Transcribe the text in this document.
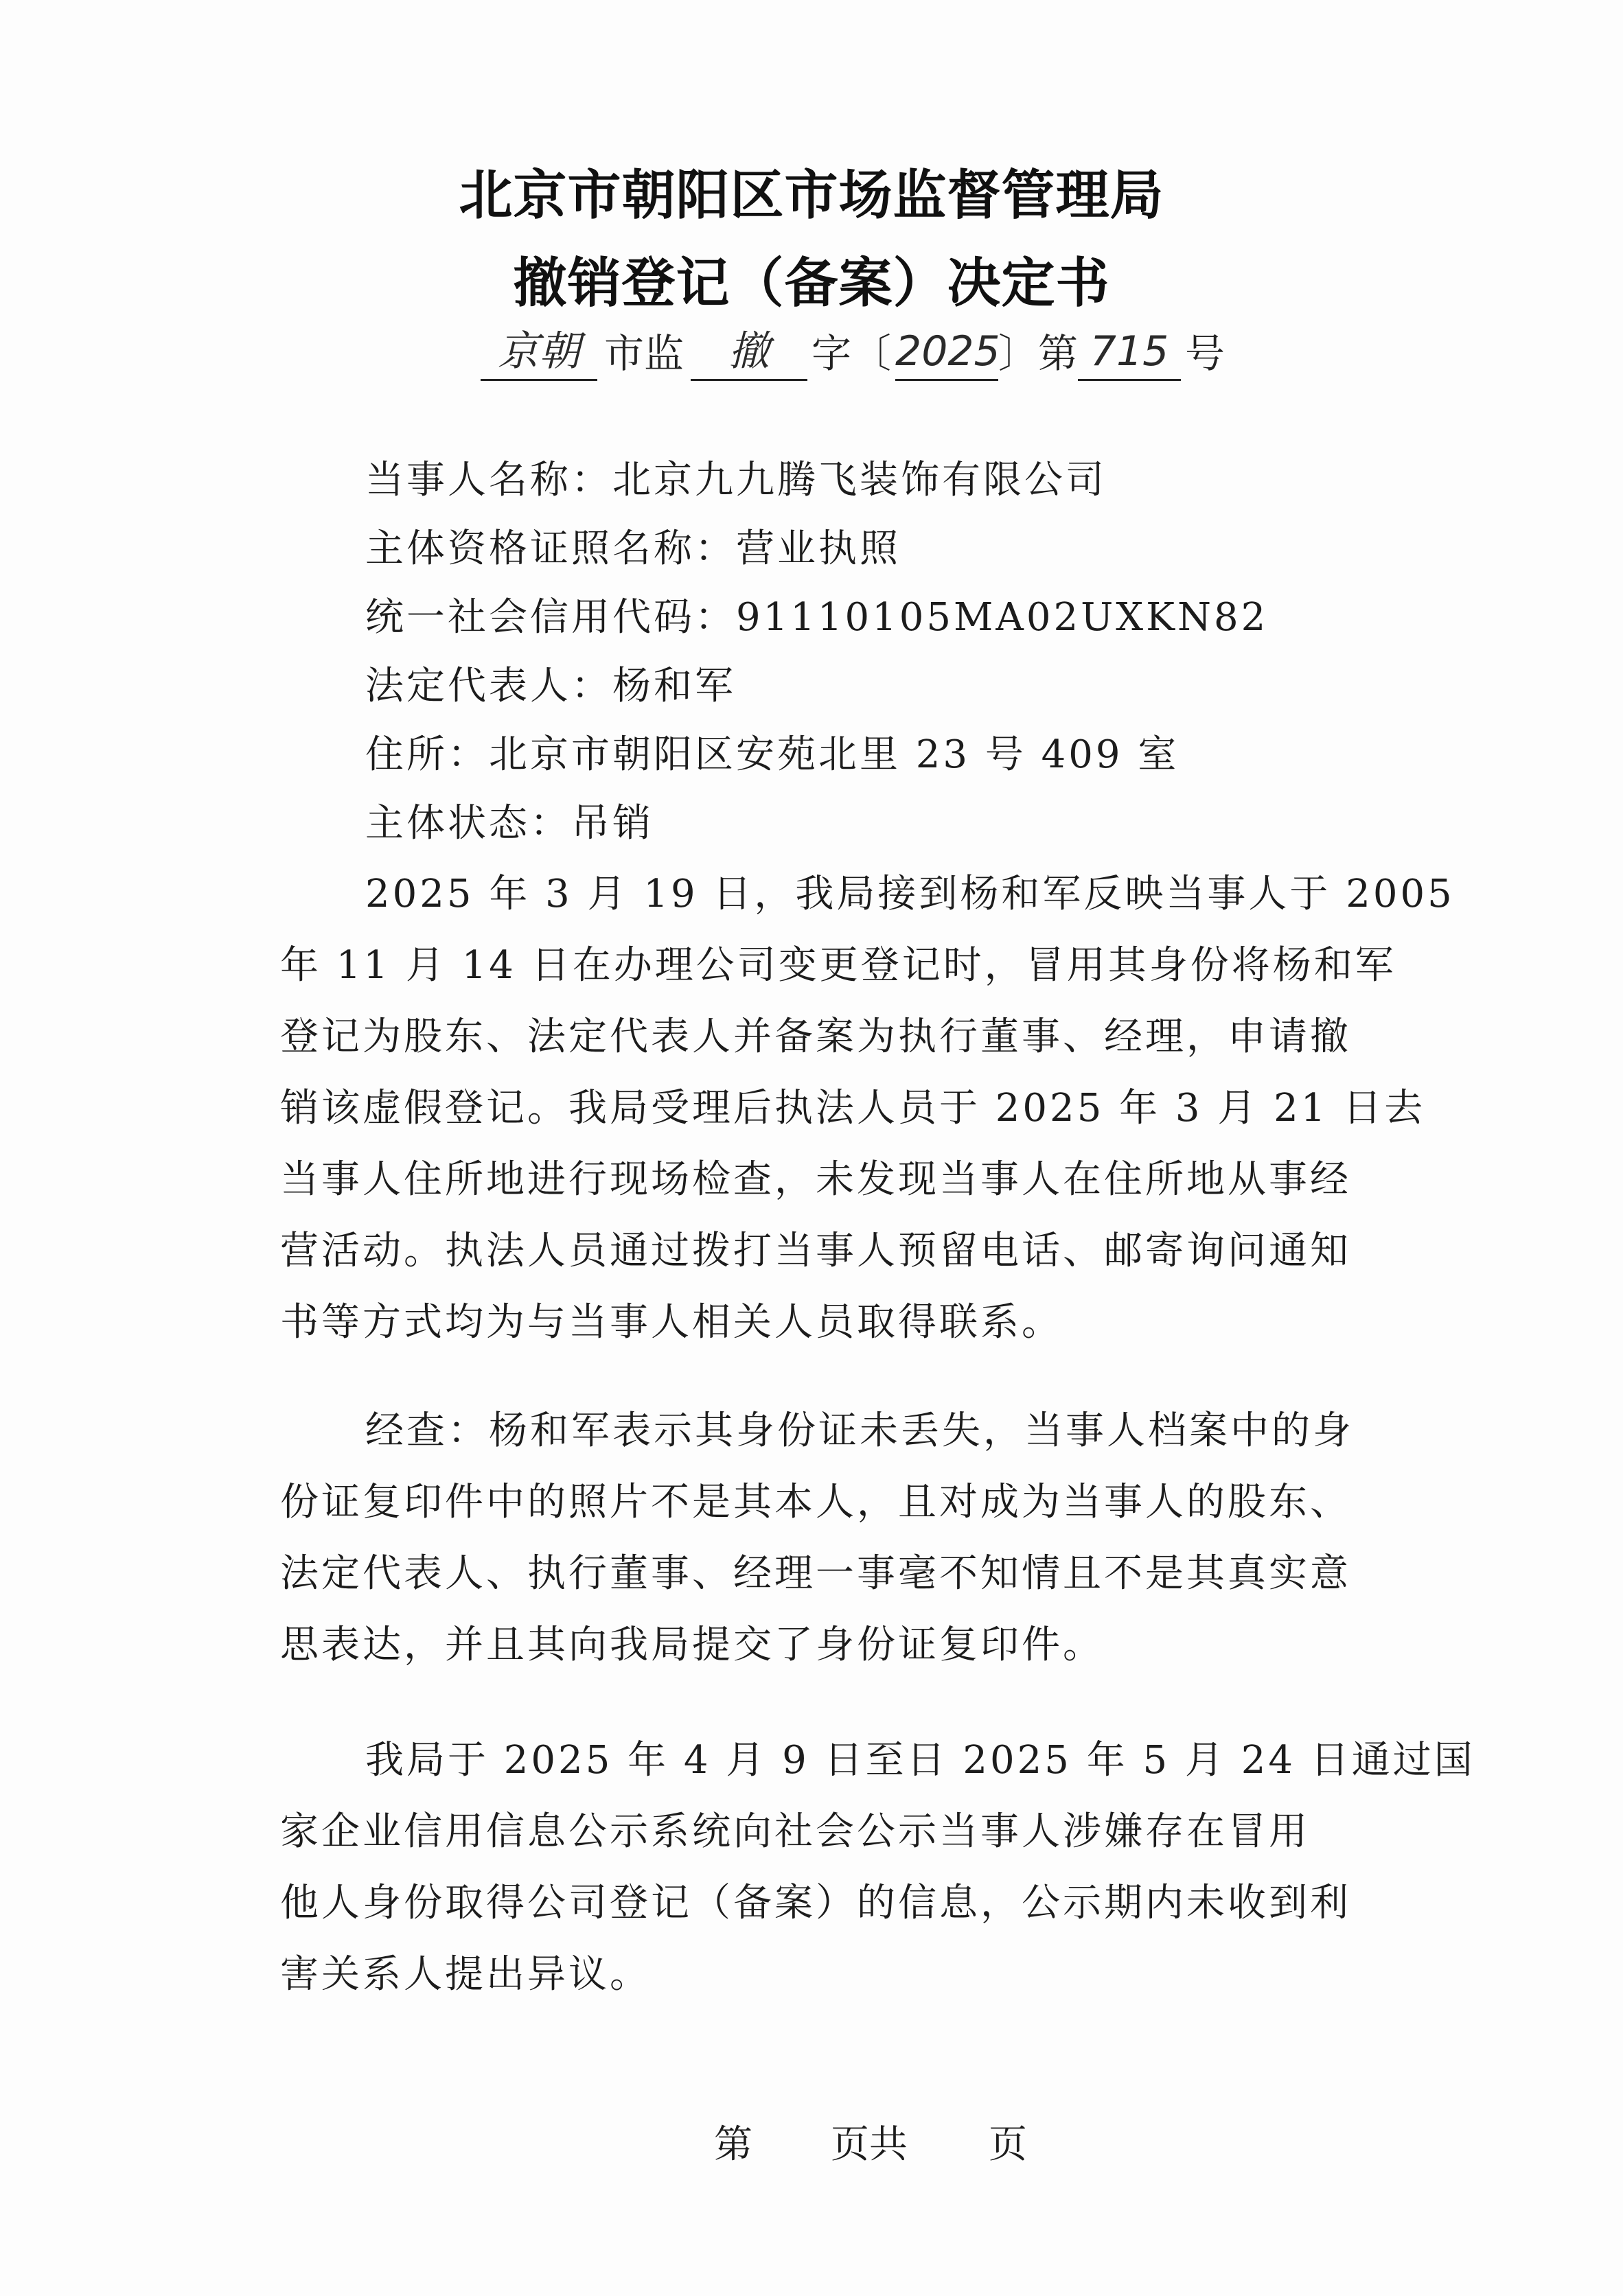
北京市朝阳区市场监督管理局
撤销登记（备案）决定书
京朝 市监	撤	字〔 2025
〕第 715 号
当事人名称：北京九九腾飞装饰有限公司
主体资格证照名称：营业执照
统一社会信用代码：91110105MA02UXKN82
法定代表人：杨和军
住所：北京市朝阳区安苑北里 23 号 409 室
主体状态：吊销
2025 年 3 月 19 日，我局接到杨和军反映当事人于 2005
年 11 月 14 日在办理公司变更登记时，冒用其身份将杨和军
登记为股东、法定代表人并备案为执行董事、经理，申请撤
销该虚假登记。我局受理后执法人员于 2025 年 3 月 21 日去
当事人住所地进行现场检查，未发现当事人在住所地从事经
营活动。执法人员通过拨打当事人预留电话、邮寄询问通知
书等方式均为与当事人相关人员取得联系。
经查：杨和军表示其身份证未丢失，当事人档案中的身
份证复印件中的照片不是其本人，且对成为当事人的股东、
法定代表人、执行董事、经理一事毫不知情且不是其真实意
思表达，并且其向我局提交了身份证复印件。
我局于 2025 年 4 月 9 日至日 2025 年 5 月 24 日通过国
家企业信用信息公示系统向社会公示当事人涉嫌存在冒用
他人身份取得公司登记（备案）的信息，公示期内未收到利
害关系人提出异议。
第 页共 页
